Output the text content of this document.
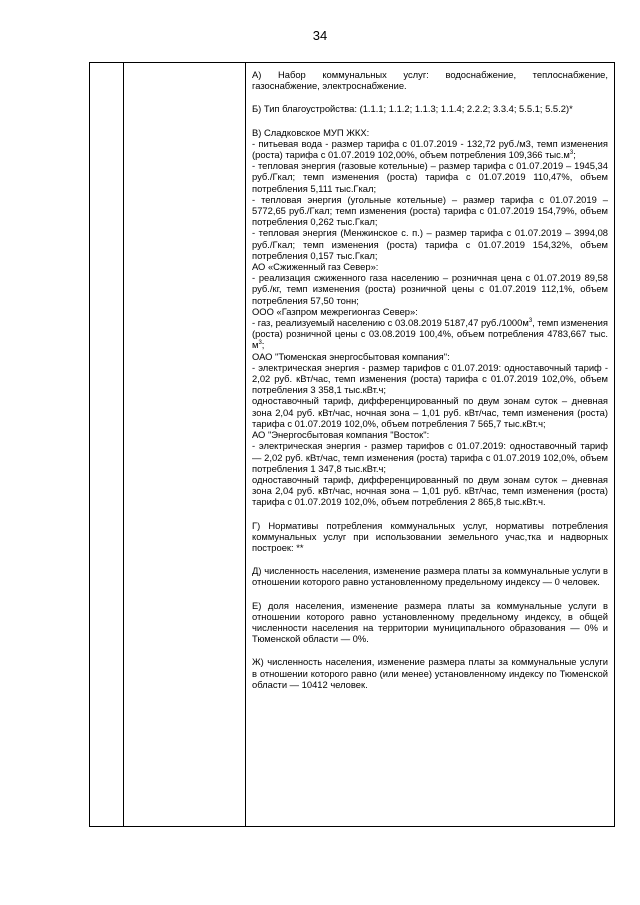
34

А) Набор коммунальных услуг: водоснабжение, теплоснабжение, газоснабжение, электроснабжение.

Б) Тип благоустройства: (1.1.1; 1.1.2; 1.1.3; 1.1.4; 2.2.2; 3.3.4; 5.5.1; 5.5.2)*

В) Сладковское МУП ЖКХ:

- питьевая вода - размер тарифа с 01.07.2019 - 132,72 руб./м3, темп изменения (роста) тарифа с 01.07.2019 102,00%, объем потребления 109,366 $тыс.м^3$;

- тепловая энергия (газовые котельные) – размер тарифа с 01.07.2019 – 1945,34 руб./Гкал; темп изменения (роста) тарифа с 01.07.2019 110,47%, объем потребления 5,111 тыс.Гкал;

- тепловая энергия (угольные котельные) – размер тарифа с 01.07.2019 – 5772,65 руб./Гкал; темп изменения (роста) тарифа с 01.07.2019 154,79%, объем потребления 0,262 тыс.Гкал;

- тепловая энергия (Менжинское с. п.) – размер тарифа с 01.07.2019 – 3994,08 руб./Гкал; темп изменения (роста) тарифа с 01.07.2019 154,32%, объем потребления 0,157 тыс.Гкал;

АО «Сжиженный газ Север»:

- реализация сжиженного газа населению – розничная цена с 01.07.2019 89,58 руб./кг, темп изменения (роста) розничной цены с 01.07.2019 112,1%, объем потребления 57,50 тонн;

ООО «Газпром межрегионгаз Север»:

- газ, реализуемый населению с 03.08.2019 5187,47 $руб./1000м^3$, темп изменения (роста) розничной цены с 03.08.2019 100,4%, объем потребления 4783,667 тыс. $м^3$;

ОАО "Тюменская энергосбытовая компания":

- электрическая энергия - размер тарифов с 01.07.2019: одноставочный тариф - 2,02 руб. кВт/час, темп изменения (роста) тарифа с 01.07.2019 102,0%, объем потребления 3 358,1 тыс.кВт.ч;

одноставочный тариф, дифференцированный по двум зонам суток – дневная зона 2,04 руб. кВт/час, ночная зона – 1,01 руб. кВт/час, темп изменения (роста) тарифа с 01.07.2019 102,0%, объем потребления 7 565,7 тыс.кВт.ч;

АО "Энергосбытовая компания "Восток":

- электрическая энергия - размер тарифов с 01.07.2019: одноставочный тариф — 2,02 руб. кВт/час, темп изменения (роста) тарифа с 01.07.2019 102,0%, объем потребления 1 347,8 тыс.кВт.ч;

одноставочный тариф, дифференцированный по двум зонам суток – дневная зона 2,04 руб. кВт/час, ночная зона – 1,01 руб. кВт/час, темп изменения (роста) тарифа с 01.07.2019 102,0%, объем потребления 2 865,8 тыс.кВт.ч.

Г) Нормативы потребления коммунальных услуг, нормативы потребления коммунальных услуг при использовании земельного учас,тка и надворных построек: **

Д) численность населения, изменение размера платы за коммунальные услуги в отношении которого равно установленному предельному индексу — 0 человек.

Е) доля населения, изменение размера платы за коммунальные услуги в отношении которого равно установленному предельному индексу, в общей численности населения на территории муниципального образования — 0% и Тюменской области — 0%.

Ж) численность населения, изменение размера платы за коммунальные услуги в отношении которого равно (или менее) установленному индексу по Тюменской области — 10412 человек.
